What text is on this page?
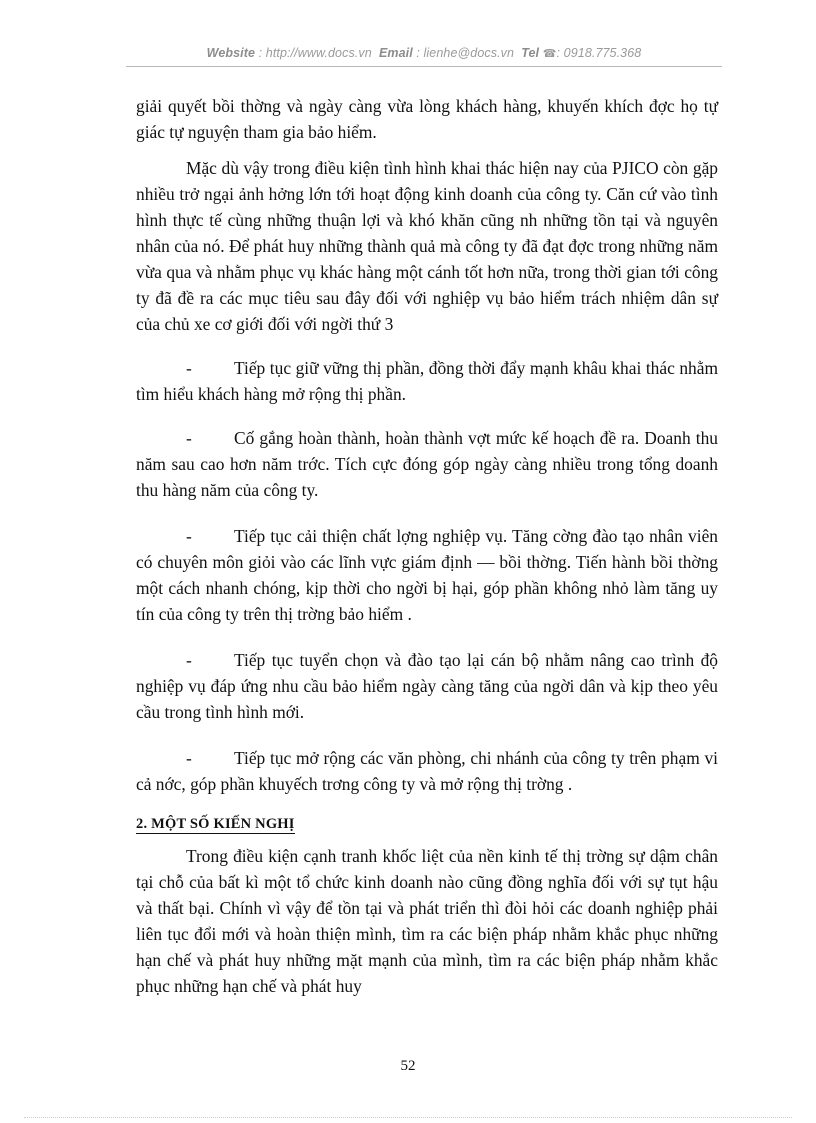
Website : http://www.docs.vn Email : lienhe@docs.vn Tel ☎: 0918.775.368

giải quyết bồi thờng và ngày càng vừa lòng khách hàng, khuyến khích đợc họ tự giác tự nguyện tham gia bảo hiểm.

Mặc dù vậy trong điều kiện tình hình khai thác hiện nay của PJICO còn gặp nhiều trở ngại ảnh hởng lớn tới hoạt động kinh doanh của công ty. Căn cứ vào tình hình thực tế cùng những thuận lợi và khó khăn cũng nh những tồn tại và nguyên nhân của nó. Để phát huy những thành quả mà công ty đã đạt đợc trong những năm vừa qua và nhằm phục vụ khác hàng một cánh tốt hơn nữa, trong thời gian tới công ty đã đề ra các mục tiêu sau đây đối với nghiệp vụ bảo hiểm trách nhiệm dân sự của chủ xe cơ giới đối với ngời thứ 3

- Tiếp tục giữ vững thị phần, đồng thời đẩy mạnh khâu khai thác nhằm tìm hiểu khách hàng mở rộng thị phần.

- Cố gắng hoàn thành, hoàn thành vợt mức kế hoạch đề ra. Doanh thu năm sau cao hơn năm trớc. Tích cực đóng góp ngày càng nhiều trong tổng doanh thu hàng năm của công ty.

- Tiếp tục cải thiện chất lợng nghiệp vụ. Tăng cờng đào tạo nhân viên có chuyên môn giỏi vào các lĩnh vực giám định — bồi thờng. Tiến hành bồi thờng một cách nhanh chóng, kịp thời cho ngời bị hại, góp phần không nhỏ làm tăng uy tín của công ty trên thị trờng bảo hiểm .

- Tiếp tục tuyển chọn và đào tạo lại cán bộ nhằm nâng cao trình độ nghiệp vụ đáp ứng nhu cầu bảo hiểm ngày càng tăng của ngời dân và kịp theo yêu cầu trong tình hình mới.

- Tiếp tục mở rộng các văn phòng, chi nhánh của công ty trên phạm vi cả nớc, góp phần khuyếch trơng công ty và mở rộng thị trờng .

2. MỘT SỐ KIẾN NGHỊ

Trong điều kiện cạnh tranh khốc liệt của nền kinh tế thị trờng sự dậm chân tại chỗ của bất kì một tổ chức kinh doanh nào cũng đồng nghĩa đối với sự tụt hậu và thất bại. Chính vì vậy để tồn tại và phát triển thì đòi hỏi các doanh nghiệp phải liên tục đổi mới và hoàn thiện mình, tìm ra các biện pháp nhằm khắc phục những hạn chế và phát huy những mặt mạnh của mình, tìm ra các biện pháp nhằm khắc phục những hạn chế và phát huy

52
